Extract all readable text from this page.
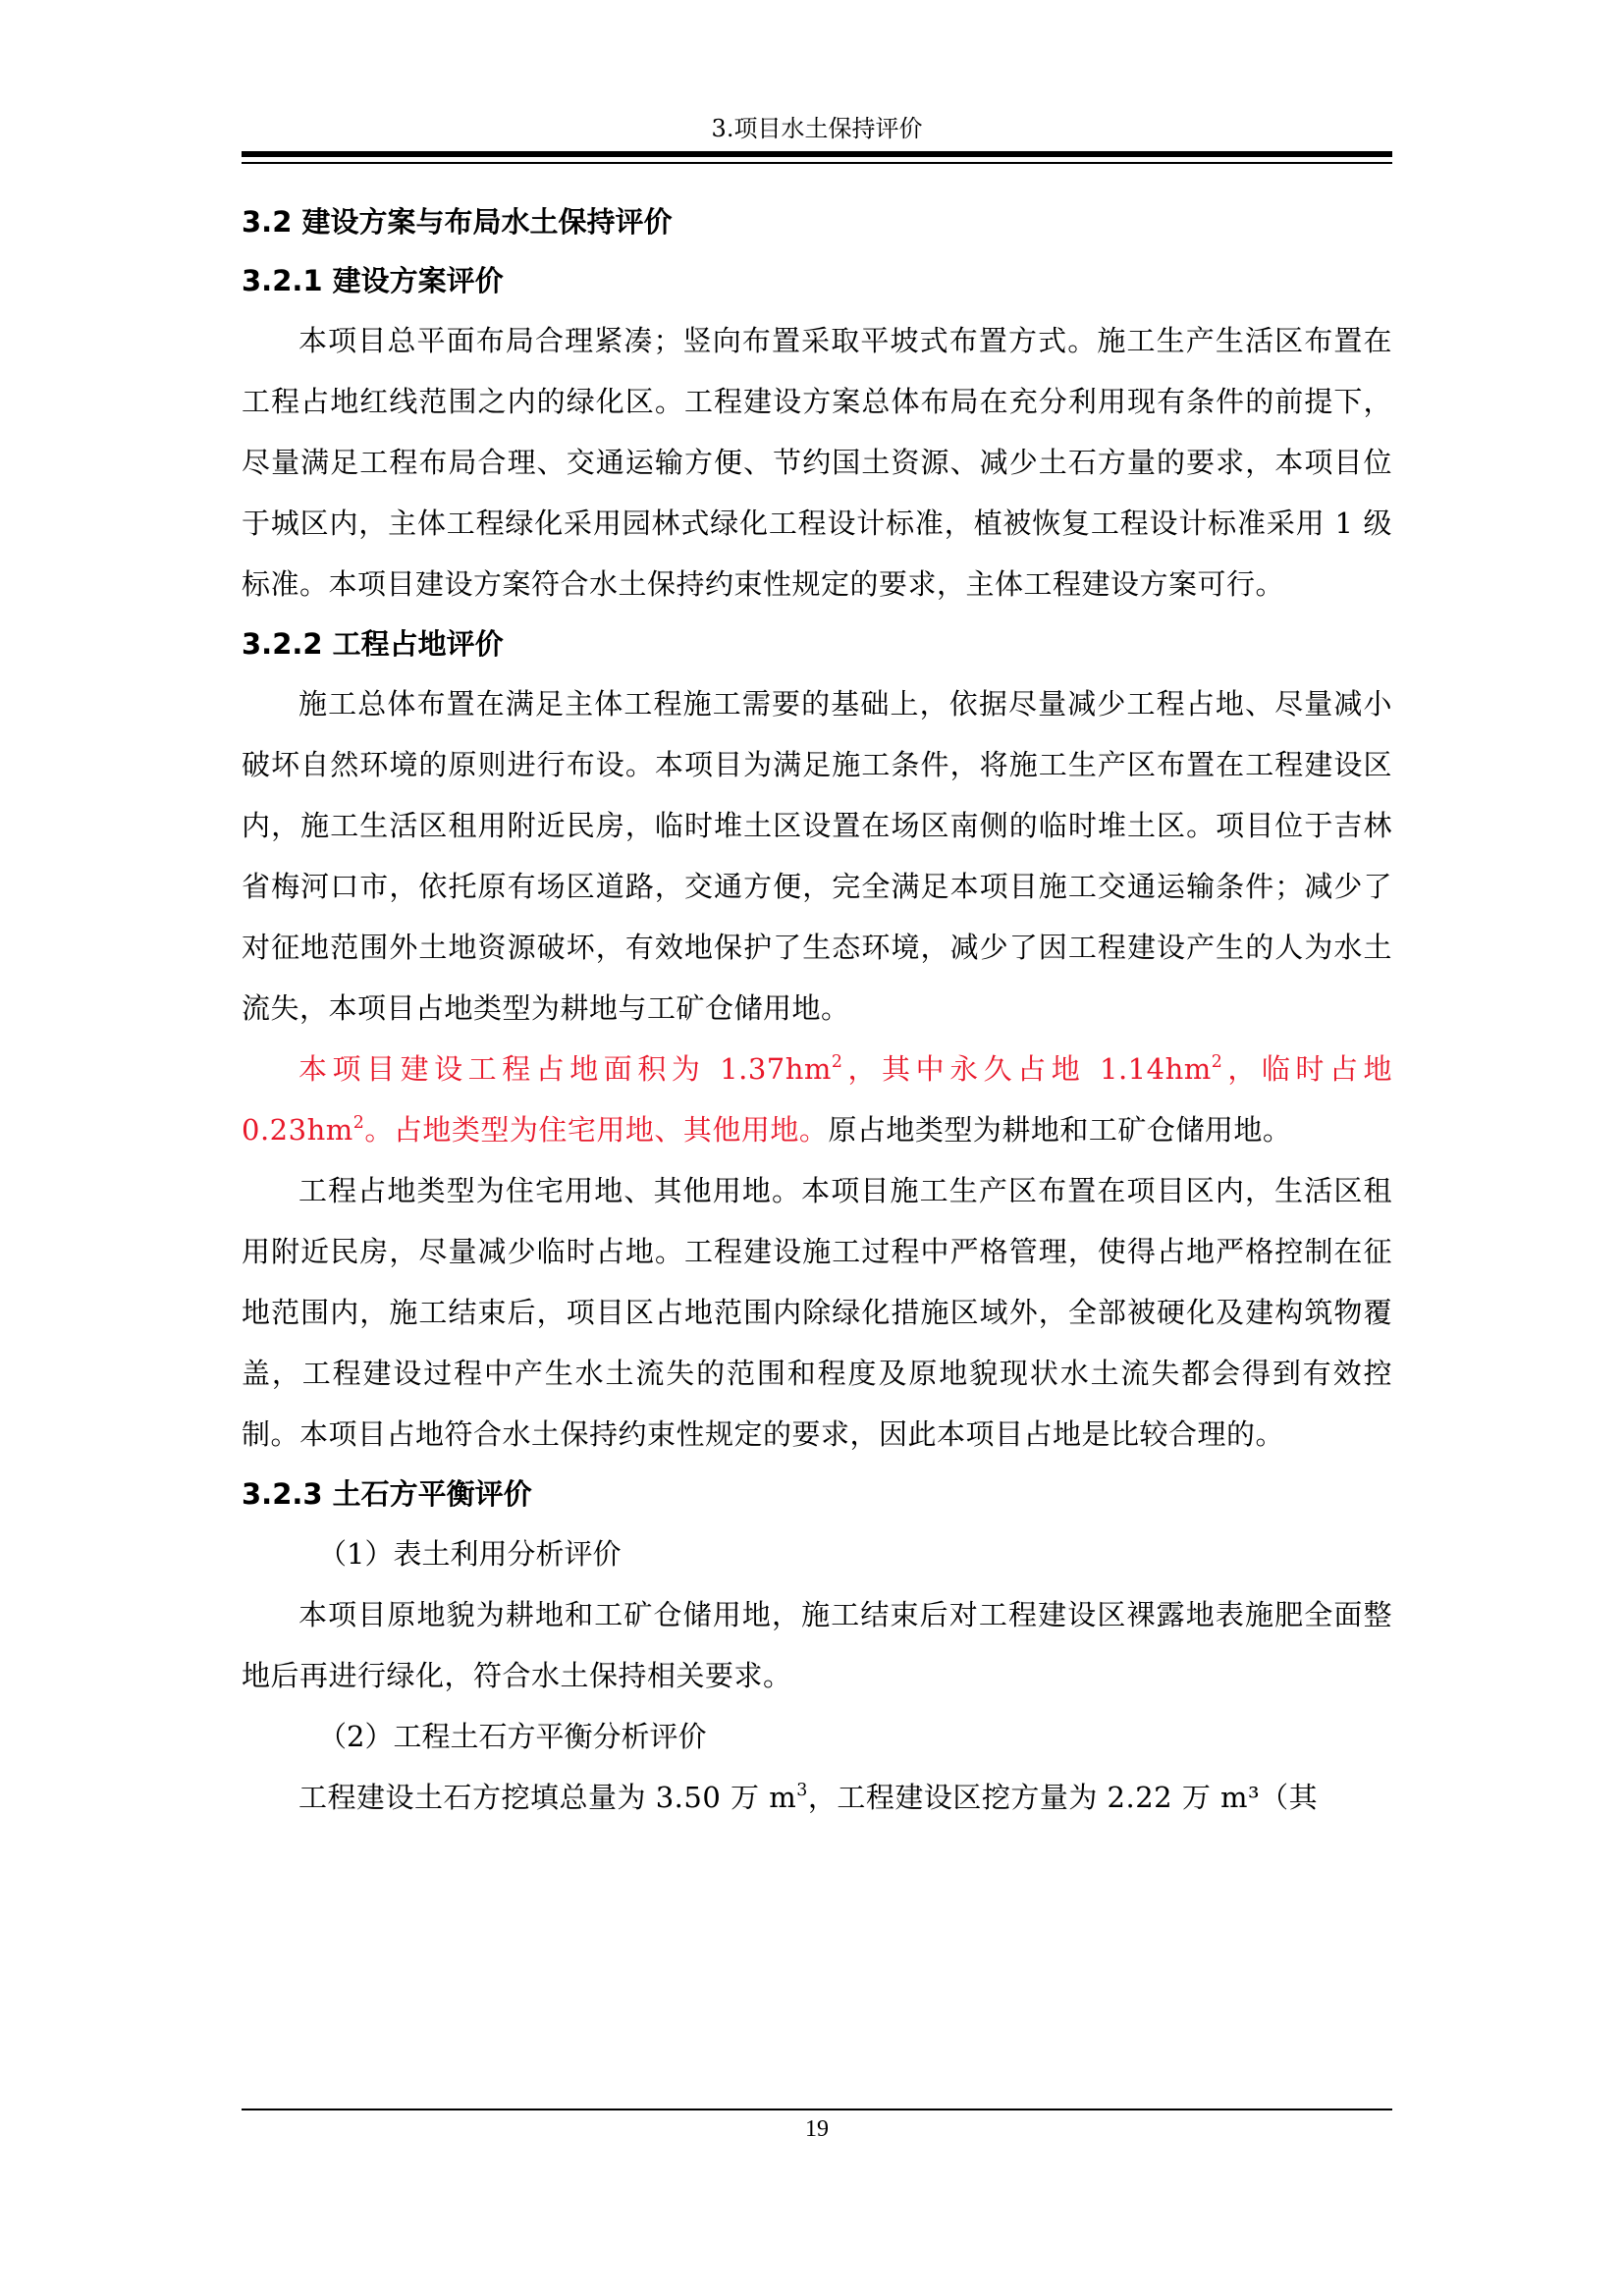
3.项目水土保持评价
3.2 建设方案与布局水土保持评价
3.2.1 建设方案评价

本项目总平面布局合理紧凑；竖向布置采取平坡式布置方式。施工生产生活区布置在工程占地红线范围之内的绿化区。工程建设方案总体布局在充分利用现有条件的前提下，尽量满足工程布局合理、交通运输方便、节约国土资源、减少土石方量的要求，本项目位于城区内，主体工程绿化采用园林式绿化工程设计标准，植被恢复工程设计标准采用 1 级标准。本项目建设方案符合水土保持约束性规定的要求，主体工程建设方案可行。

3.2.2 工程占地评价

施工总体布置在满足主体工程施工需要的基础上，依据尽量减少工程占地、尽量减小破坏自然环境的原则进行布设。本项目为满足施工条件，将施工生产区布置在工程建设区内，施工生活区租用附近民房，临时堆土区设置在场区南侧的临时堆土区。项目位于吉林省梅河口市，依托原有场区道路，交通方便，完全满足本项目施工交通运输条件；减少了对征地范围外土地资源破坏，有效地保护了生态环境，减少了因工程建设产生的人为水土流失，本项目占地类型为耕地与工矿仓储用地。

本项目建设工程占地面积为 $1.37hm^2$，其中永久占地 $1.14hm^2$，临时占地 $0.23hm^2$。占地类型为住宅用地、其他用地。原占地类型为耕地和工矿仓储用地。

工程占地类型为住宅用地、其他用地。本项目施工生产区布置在项目区内，生活区租用附近民房，尽量减少临时占地。工程建设施工过程中严格管理，使得占地严格控制在征地范围内，施工结束后，项目区占地范围内除绿化措施区域外，全部被硬化及建构筑物覆盖，工程建设过程中产生水土流失的范围和程度及原地貌现状水土流失都会得到有效控制。本项目占地符合水土保持约束性规定的要求，因此本项目占地是比较合理的。

3.2.3 土石方平衡评价
（1）表土利用分析评价

本项目原地貌为耕地和工矿仓储用地，施工结束后对工程建设区裸露地表施肥全面整地后再进行绿化，符合水土保持相关要求。

（2）工程土石方平衡分析评价

工程建设土石方挖填总量为 3.50 万 $m^3$，工程建设区挖方量为 2.22 万 m³（其

19
